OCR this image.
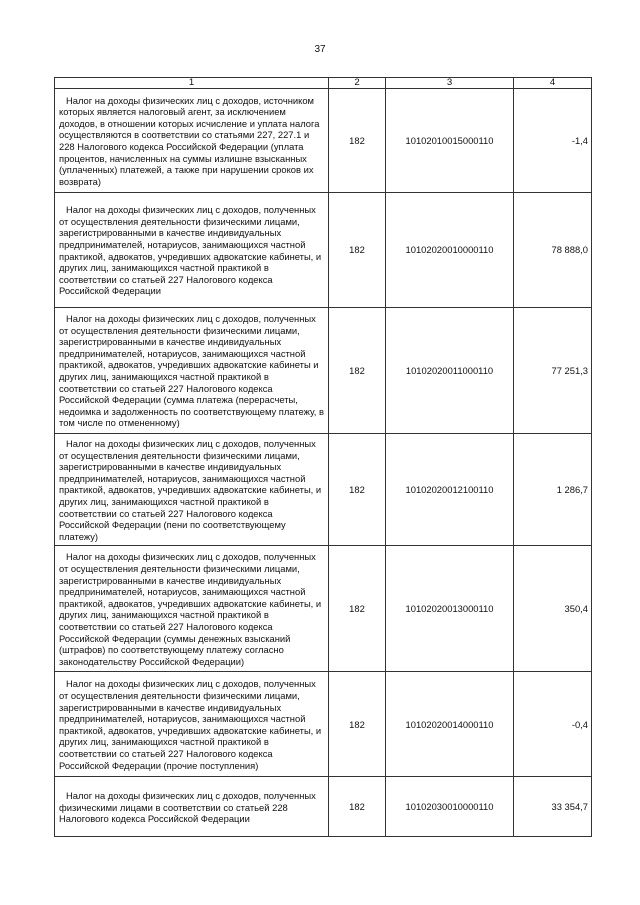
37
1	2	3	4

Налог на доходы физических лиц с доходов, источником которых является налоговый агент, за исключением доходов, в отношении которых исчисление и уплата налога осуществляются в соответствии со статьями 227, 227.1 и 228 Налогового кодекса Российской Федерации (уплата процентов, начисленных на суммы излишне взысканных (уплаченных) платежей, а также при нарушении сроков их возврата)	182	10102010015000110	-1,4

Налог на доходы физических лиц с доходов, полученных от осуществления деятельности физическими лицами, зарегистрированными в качестве индивидуальных предпринимателей, нотариусов, занимающихся частной практикой, адвокатов, учредивших адвокатские кабинеты, и других лиц, занимающихся частной практикой в соответствии со статьей 227 Налогового кодекса Российской Федерации	182	10102020010000110	78 888,0

Налог на доходы физических лиц с доходов, полученных от осуществления деятельности физическими лицами, зарегистрированными в качестве индивидуальных предпринимателей, нотариусов, занимающихся частной практикой, адвокатов, учредивших адвокатские кабинеты и других лиц, занимающихся частной практикой в соответствии со статьей 227 Налогового кодекса Российской Федерации (сумма платежа (перерасчеты, недоимка и задолженность по соответствующему платежу, в том числе по отмененному)	182	10102020011000110	77 251,3

Налог на доходы физических лиц с доходов, полученных от осуществления деятельности физическими лицами, зарегистрированными в качестве индивидуальных предпринимателей, нотариусов, занимающихся частной практикой, адвокатов, учредивших адвокатские кабинеты, и других лиц, занимающихся частной практикой в соответствии со статьей 227 Налогового кодекса Российской Федерации (пени по соответствующему платежу)	182	10102020012100110	1 286,7

Налог на доходы физических лиц с доходов, полученных от осуществления деятельности физическими лицами, зарегистрированными в качестве индивидуальных предпринимателей, нотариусов, занимающихся частной практикой, адвокатов, учредивших адвокатские кабинеты, и других лиц, занимающихся частной практикой в соответствии со статьей 227 Налогового кодекса Российской Федерации (суммы денежных взысканий (штрафов) по соответствующему платежу согласно законодательству Российской Федерации)	182	10102020013000110	350,4

Налог на доходы физических лиц с доходов, полученных от осуществления деятельности физическими лицами, зарегистрированными в качестве индивидуальных предпринимателей, нотариусов, занимающихся частной практикой, адвокатов, учредивших адвокатские кабинеты, и других лиц, занимающихся частной практикой в соответствии со статьей 227 Налогового кодекса Российской Федерации (прочие поступления)	182	10102020014000110	-0,4

Налог на доходы физических лиц с доходов, полученных физическими лицами в соответствии со статьей 228 Налогового кодекса Российской Федерации	182	10102030010000110	33 354,7
